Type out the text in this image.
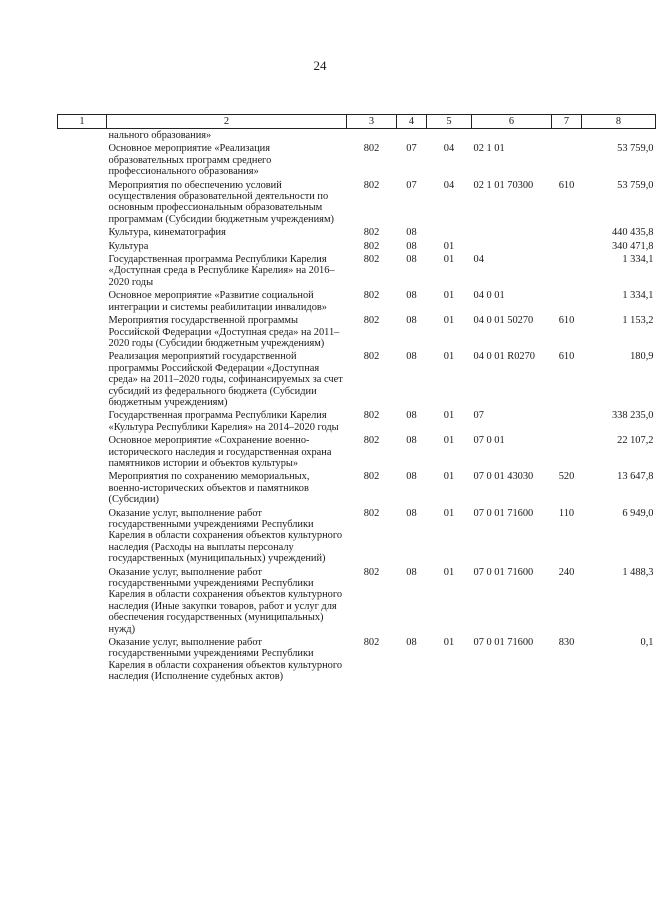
24
1	2	3	4	5	6	7	8
	нального образования»						
	Основное мероприятие «Реализация образовательных программ среднего профессионального образования»	802	07	04	02 1 01		53 759,0
	Мероприятия по обеспечению условий осуществления образовательной деятельности по основным профессиональным образовательным программам (Субсидии бюджетным учреждениям)	802	07	04	02 1 01 70300	610	53 759,0
	Культура, кинематография	802	08				440 435,8
	Культура	802	08	01			340 471,8
	Государственная программа Республики Карелия «Доступная среда в Республике Карелия» на 2016–2020 годы	802	08	01	04		1 334,1
	Основное мероприятие «Развитие социальной интеграции и системы реабилитации инвалидов»	802	08	01	04 0 01		1 334,1
	Мероприятия государственной программы Российской Федерации «Доступная среда» на 2011–2020 годы (Субсидии бюджетным учреждениям)	802	08	01	04 0 01 50270	610	1 153,2
	Реализация мероприятий государственной программы Российской Федерации «Доступная среда» на 2011–2020 годы, софинансируемых за счет субсидий из федерального бюджета (Субсидии бюджетным учреждениям)	802	08	01	04 0 01 R0270	610	180,9
	Государственная программа Республики Карелия «Культура Республики Карелия» на 2014–2020 годы	802	08	01	07		338 235,0
	Основное мероприятие «Сохранение военно-исторического наследия и государственная охрана памятников истории и объектов культуры»	802	08	01	07 0 01		22 107,2
	Мероприятия по сохранению мемориальных, военно-исторических объектов и памятников (Субсидии)	802	08	01	07 0 01 43030	520	13 647,8
	Оказание услуг, выполнение работ государственными учреждениями Республики Карелия в области сохранения объектов культурного наследия (Расходы на выплаты персоналу государственных (муниципальных) учреждений)	802	08	01	07 0 01 71600	110	6 949,0
	Оказание услуг, выполнение работ государственными учреждениями Республики Карелия в области сохранения объектов культурного наследия (Иные закупки товаров, работ и услуг для обеспечения государственных (муниципальных) нужд)	802	08	01	07 0 01 71600	240	1 488,3
	Оказание услуг, выполнение работ государственными учреждениями Республики Карелия в области сохранения объектов культурного наследия (Исполнение судебных актов)	802	08	01	07 0 01 71600	830	0,1
